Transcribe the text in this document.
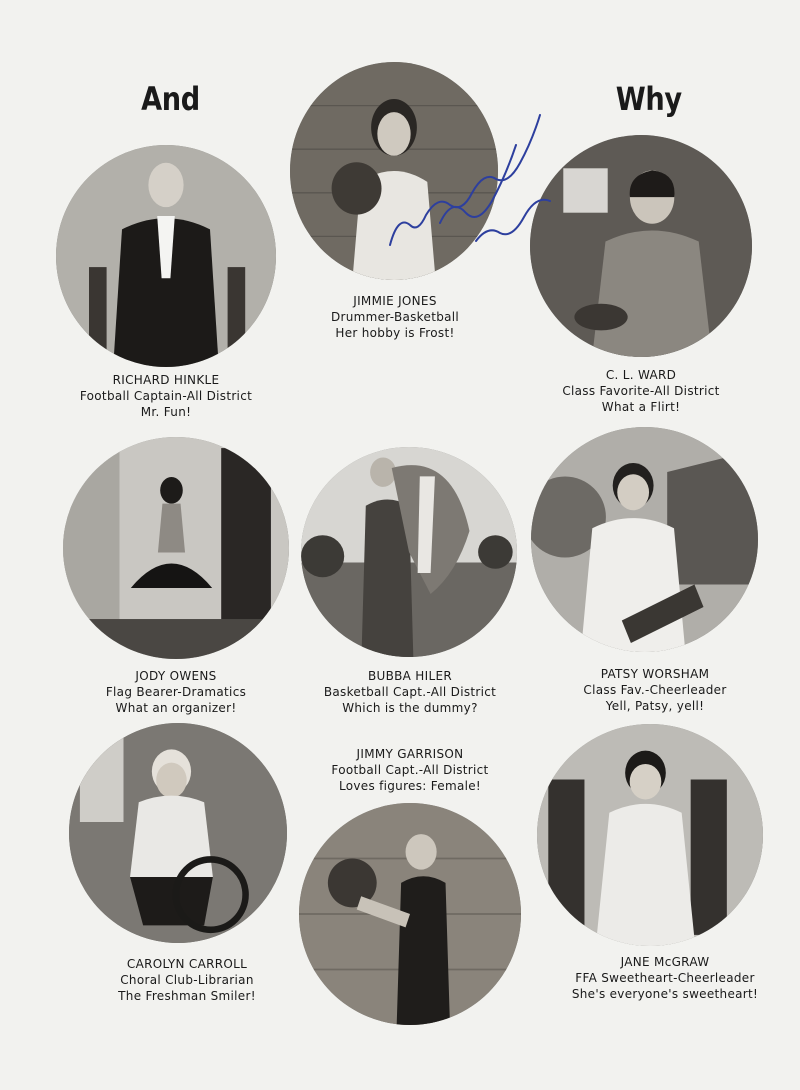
And	Why
JIMMIE JONES
Drummer-Basketball
Her hobby is Frost!
RICHARD HINKLE
Football Captain-All District
Mr. Fun!
C. L. WARD
Class Favorite-All District
What a Flirt!
JODY OWENS
Flag Bearer-Dramatics
What an organizer!
BUBBA HILER
Basketball Capt.-All District
Which is the dummy?
PATSY WORSHAM
Class Fav.-Cheerleader
Yell, Patsy, yell!
JIMMY GARRISON
Football Capt.-All District
Loves figures: Female!
CAROLYN CARROLL
Choral Club-Librarian
The Freshman Smiler!
JANE McGRAW
FFA Sweetheart-Cheerleader
She's everyone's sweetheart!
